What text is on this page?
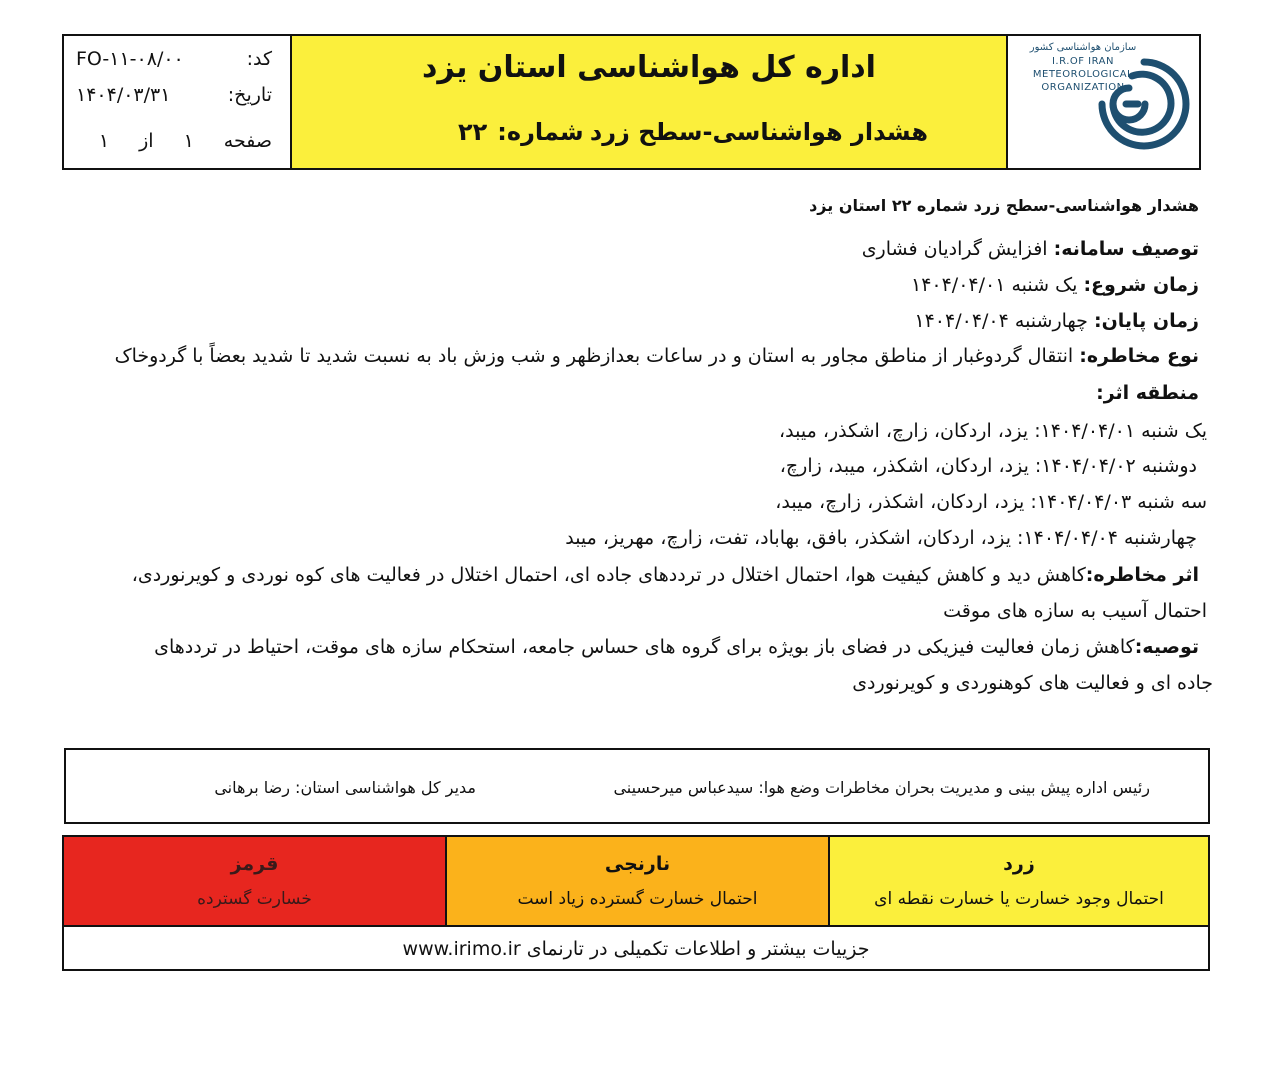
کد:
FO-۱۱-۰۸/۰۰
تاریخ:
۱۴۰۴/۰۳/۳۱
صفحه
۱
از
۱
اداره کل هواشناسی استان یزد
هشدار هواشناسی-سطح زرد
شماره:
۲۲
سازمان هواشناسی کشور
I.R.OF IRAN
METEOROLOGICAL
ORGANIZATION
هشدار هواشناسی-سطح زرد شماره ۲۲ استان یزد
توصیف سامانه: افزایش گرادیان فشاری
زمان شروع: یک شنبه ۱۴۰۴/۰۴/۰۱
زمان پایان: چهارشنبه ۱۴۰۴/۰۴/۰۴
نوع مخاطره: انتقال گردوغبار از مناطق مجاور به استان و در ساعات بعدازظهر و شب وزش باد به نسبت شدید تا شدید بعضاً با گردوخاک
منطقه اثر:
یک شنبه ۱۴۰۴/۰۴/۰۱: یزد، اردکان، زارچ، اشکذر، میبد،
دوشنبه ۱۴۰۴/۰۴/۰۲: یزد، اردکان، اشکذر، میبد، زارچ،
سه شنبه ۱۴۰۴/۰۴/۰۳: یزد، اردکان، اشکذر، زارچ، میبد،
چهارشنبه ۱۴۰۴/۰۴/۰۴: یزد، اردکان، اشکذر، بافق، بهاباد، تفت، زارچ، مهریز، میبد
اثر مخاطره:کاهش دید و کاهش کیفیت هوا، احتمال اختلال در ترددهای جاده ای، احتمال اختلال در فعالیت های کوه نوردی و کویرنوردی،
احتمال آسیب به سازه های موقت
توصیه:کاهش زمان فعالیت فیزیکی در فضای باز بویژه برای گروه های حساس جامعه، استحکام سازه های موقت، احتیاط در ترددهای
جاده ای و فعالیت های کوهنوردی و کویرنوردی
رئیس اداره پیش بینی و مدیریت بحران مخاطرات وضع هوا: سیدعباس میرحسینی
مدیر کل هواشناسی استان: رضا برهانی
قرمز
خسارت گسترده
نارنجی
احتمال خسارت گسترده زیاد است
زرد
احتمال وجود خسارت یا خسارت نقطه ای
جزییات بیشتر و اطلاعات تکمیلی در تارنمای
www.irimo.ir
